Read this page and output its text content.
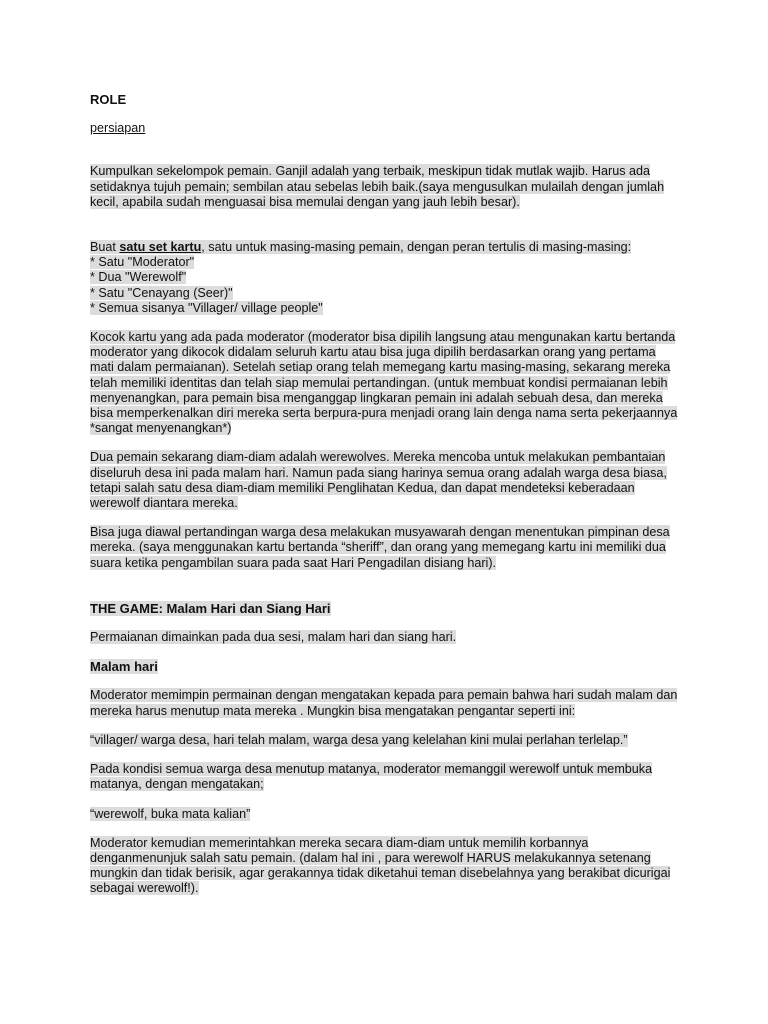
ROLE

persiapan

Kumpulkan sekelompok pemain. Ganjil adalah yang terbaik, meskipun tidak mutlak wajib. Harus ada
setidaknya tujuh pemain; sembilan atau sebelas lebih baik.(saya mengusulkan mulailah dengan jumlah
kecil, apabila sudah menguasai bisa memulai dengan yang jauh lebih besar).

Buat satu set kartu, satu untuk masing-masing pemain, dengan peran tertulis di masing-masing:
* Satu "Moderator"
* Dua "Werewolf"
* Satu "Cenayang (Seer)"
* Semua sisanya "Villager/ village people"

Kocok kartu yang ada pada moderator (moderator bisa dipilih langsung atau mengunakan kartu bertanda
moderator yang dikocok didalam seluruh kartu atau bisa juga dipilih berdasarkan orang yang pertama
mati dalam permaianan). Setelah setiap orang telah memegang kartu masing-masing, sekarang mereka
telah memiliki identitas dan telah siap memulai pertandingan. (untuk membuat kondisi permaianan lebih
menyenangkan, para pemain bisa menganggap lingkaran pemain ini adalah sebuah desa, dan mereka
bisa memperkenalkan diri mereka serta berpura-pura menjadi orang lain denga nama serta pekerjaannya
*sangat menyenangkan*)

Dua pemain sekarang diam-diam adalah werewolves. Mereka mencoba untuk melakukan pembantaian
diseluruh desa ini pada malam hari. Namun pada siang harinya semua orang adalah warga desa biasa,
tetapi salah satu desa diam-diam memiliki Penglihatan Kedua, dan dapat mendeteksi keberadaan
werewolf diantara mereka.

Bisa juga diawal pertandingan warga desa melakukan musyawarah dengan menentukan pimpinan desa
mereka. (saya menggunakan kartu bertanda “sheriff”, dan orang yang memegang kartu ini memiliki dua
suara ketika pengambilan suara pada saat Hari Pengadilan disiang hari).

THE GAME: Malam Hari dan Siang Hari

Permaianan dimainkan pada dua sesi, malam hari dan siang hari.

Malam hari

Moderator memimpin permainan dengan mengatakan kepada para pemain bahwa hari sudah malam dan
mereka harus menutup mata mereka . Mungkin bisa mengatakan pengantar seperti ini:

“villager/ warga desa, hari telah malam, warga desa yang kelelahan kini mulai perlahan terlelap.”

Pada kondisi semua warga desa menutup matanya, moderator memanggil werewolf untuk membuka
matanya, dengan mengatakan;

“werewolf, buka mata kalian”

Moderator kemudian memerintahkan mereka secara diam-diam untuk memilih korbannya
denganmenunjuk salah satu pemain. (dalam hal ini , para werewolf HARUS melakukannya setenang
mungkin dan tidak berisik, agar gerakannya tidak diketahui teman disebelahnya yang berakibat dicurigai
sebagai werewolf!).
